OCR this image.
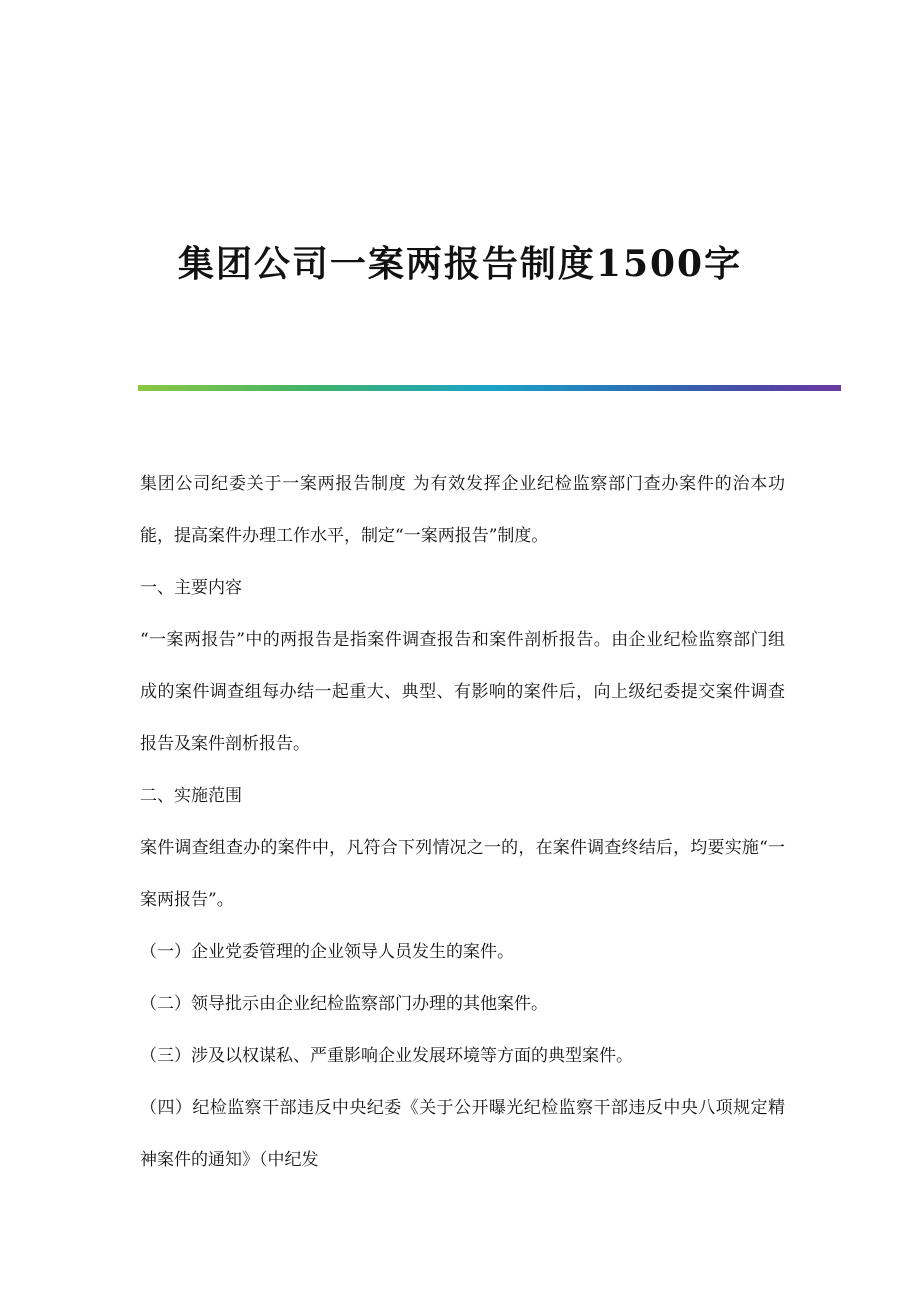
集团公司一案两报告制度1500字

集团公司纪委关于一案两报告制度 为有效发挥企业纪检监察部门查办案件的治本功能，提高案件办理工作水平，制定“一案两报告”制度。

一、主要内容

“一案两报告”中的两报告是指案件调查报告和案件剖析报告。由企业纪检监察部门组成的案件调查组每办结一起重大、典型、有影响的案件后，向上级纪委提交案件调查报告及案件剖析报告。

二、实施范围

案件调查组查办的案件中，凡符合下列情况之一的，在案件调查终结后，均要实施“一案两报告”。

（一）企业党委管理的企业领导人员发生的案件。

（二）领导批示由企业纪检监察部门办理的其他案件。

（三）涉及以权谋私、严重影响企业发展环境等方面的典型案件。

（四）纪检监察干部违反中央纪委《关于公开曝光纪检监察干部违反中央八项规定精神案件的通知》（中纪发
